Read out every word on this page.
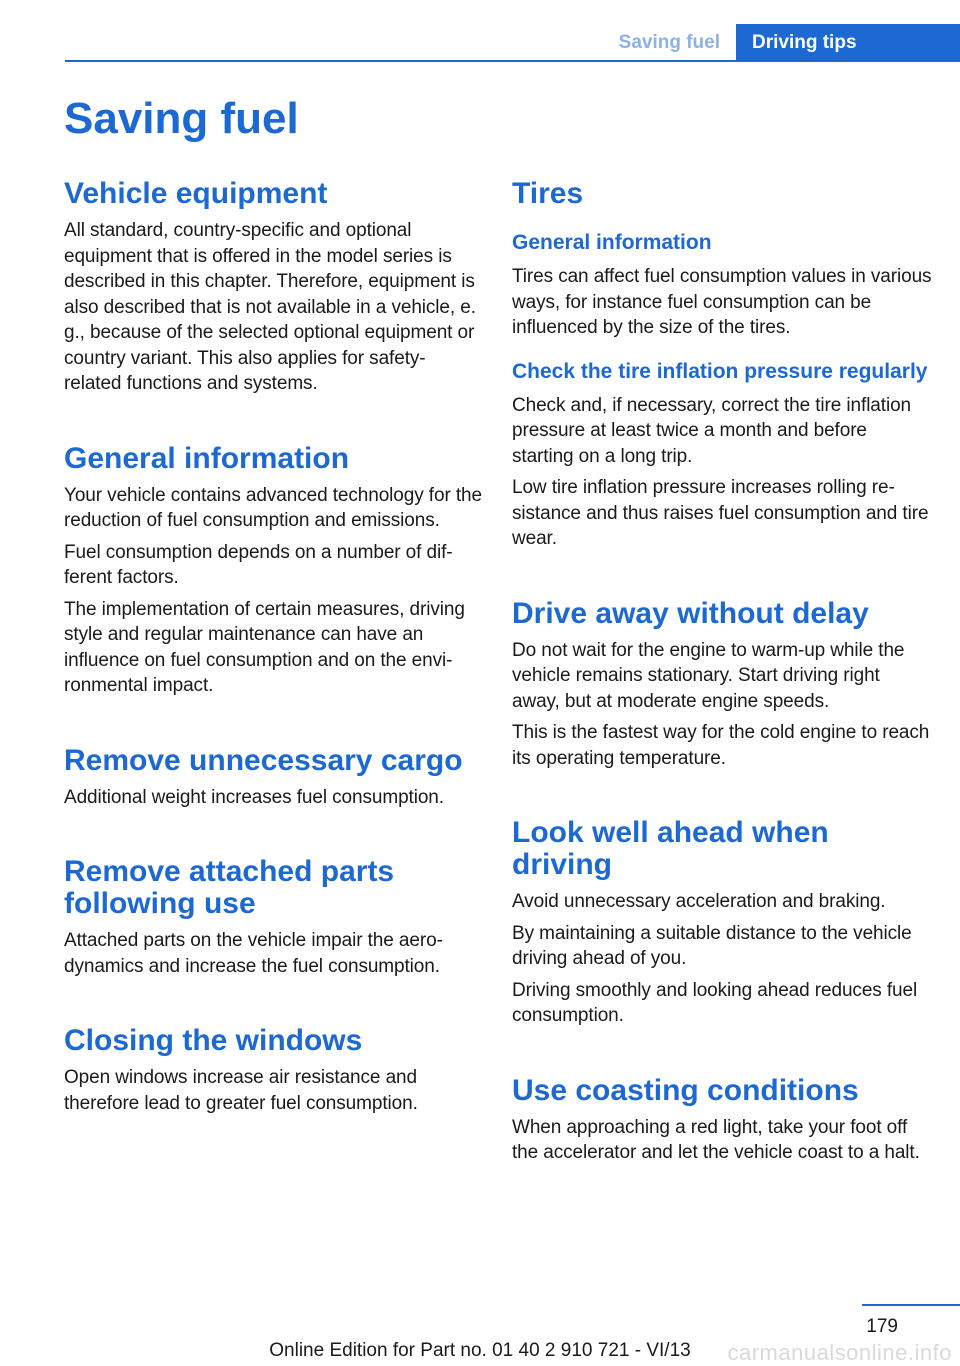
Saving fuel	Driving tips
Saving fuel
Vehicle equipment

All standard, country-specific and optional equipment that is offered in the model series is described in this chapter. Therefore, equipment is also described that is not available in a vehicle, e. g., because of the selected optional equipment or country variant. This also applies for safety-related functions and systems.

General information

Your vehicle contains advanced technology for the reduction of fuel consumption and emissions.

Fuel consumption depends on a number of different factors.

The implementation of certain measures, driving style and regular maintenance can have an influence on fuel consumption and on the environmental impact.

Remove unnecessary cargo

Additional weight increases fuel consumption.

Remove attached parts following use

Attached parts on the vehicle impair the aerodynamics and increase the fuel consumption.

Closing the windows

Open windows increase air resistance and therefore lead to greater fuel consumption.

Tires
General information

Tires can affect fuel consumption values in various ways, for instance fuel consumption can be influenced by the size of the tires.

Check the tire inflation pressure regularly

Check and, if necessary, correct the tire inflation pressure at least twice a month and before starting on a long trip.

Low tire inflation pressure increases rolling resistance and thus raises fuel consumption and tire wear.

Drive away without delay

Do not wait for the engine to warm-up while the vehicle remains stationary. Start driving right away, but at moderate engine speeds.

This is the fastest way for the cold engine to reach its operating temperature.

Look well ahead when driving

Avoid unnecessary acceleration and braking.

By maintaining a suitable distance to the vehicle driving ahead of you.

Driving smoothly and looking ahead reduces fuel consumption.

Use coasting conditions

When approaching a red light, take your foot off the accelerator and let the vehicle coast to a halt.

179
Online Edition for Part no. 01 40 2 910 721 - VI/13	carmanualsonline.info
